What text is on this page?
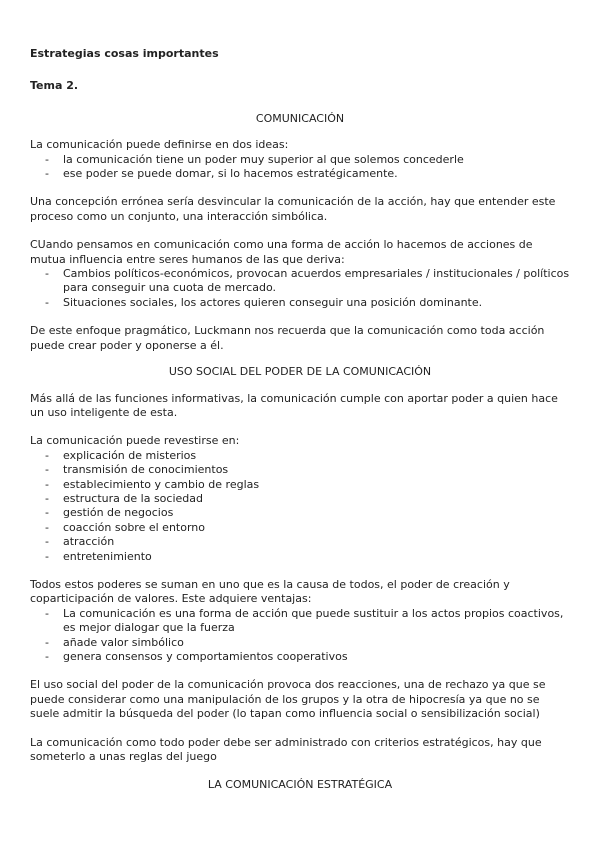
Estrategias cosas importantes

Tema 2.

COMUNICACIÓN

La comunicación puede definirse en dos ideas:

- la comunicación tiene un poder muy superior al que solemos concederle
- ese poder se puede domar, si lo hacemos estratégicamente.

Una concepción errónea sería desvincular la comunicación de la acción, hay que entender este proceso como un conjunto, una interacción simbólica.

CUando pensamos en comunicación como una forma de acción lo hacemos de acciones de mutua influencia entre seres humanos de las que deriva:

- Cambios políticos-económicos, provocan acuerdos empresariales / institucionales / políticos para conseguir una cuota de mercado.
- Situaciones sociales, los actores quieren conseguir una posición dominante.

De este enfoque pragmático, Luckmann nos recuerda que la comunicación como toda acción puede crear poder y oponerse a él.

USO SOCIAL DEL PODER DE LA COMUNICACIÓN

Más allá de las funciones informativas, la comunicación cumple con aportar poder a quien hace un uso inteligente de esta.

La comunicación puede revestirse en:

- explicación de misterios
- transmisión de conocimientos
- establecimiento y cambio de reglas
- estructura de la sociedad
- gestión de negocios
- coacción sobre el entorno
- atracción
- entretenimiento

Todos estos poderes se suman en uno que es la causa de todos, el poder de creación y coparticipación de valores. Este adquiere ventajas:

- La comunicación es una forma de acción que puede sustituir a los actos propios coactivos, es mejor dialogar que la fuerza
- añade valor simbólico
- genera consensos y comportamientos cooperativos

El uso social del poder de la comunicación provoca dos reacciones, una de rechazo ya que se puede considerar como una manipulación de los grupos y la otra de hipocresía ya que no se suele admitir la búsqueda del poder (lo tapan como influencia social o sensibilización social)

La comunicación como todo poder debe ser administrado con criterios estratégicos, hay que someterlo a unas reglas del juego

LA COMUNICACIÓN ESTRATÉGICA
